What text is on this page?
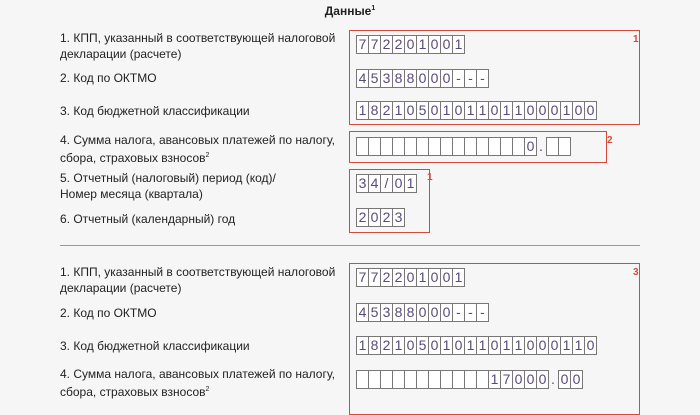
Данные$^1$
1. КПП, указанный в соответствующей налоговой
декларации (расчете)
2. Код по ОКТМО
3. Код бюджетной классификации
1
7 7 2 2 0 1 0 0 1
4 5 3 8 8 0 0 0 - - -
1 8 2 1 0 5 0 1 0 1 1 0 1 1 0 0 0 1 0 0
4. Сумма налога, авансовых платежей по налогу,
сбора, страховых взносов$^2$
2
0 .
5. Отчетный (налоговый) период (код)/
Номер месяца (квартала)
6. Отчетный (календарный) год
1
3 4 / 0 1
2 0 2 3
1. КПП, указанный в соответствующей налоговой
декларации (расчете)
2. Код по ОКТМО
3. Код бюджетной классификации
4. Сумма налога, авансовых платежей по налогу,
сбора, страховых взносов$^2$
3
7 7 2 2 0 1 0 0 1
4 5 3 8 8 0 0 0 - - -
1 8 2 1 0 5 0 1 0 1 1 0 1 1 0 0 0 1 1 0
1 7 0 0 0 . 0 0
